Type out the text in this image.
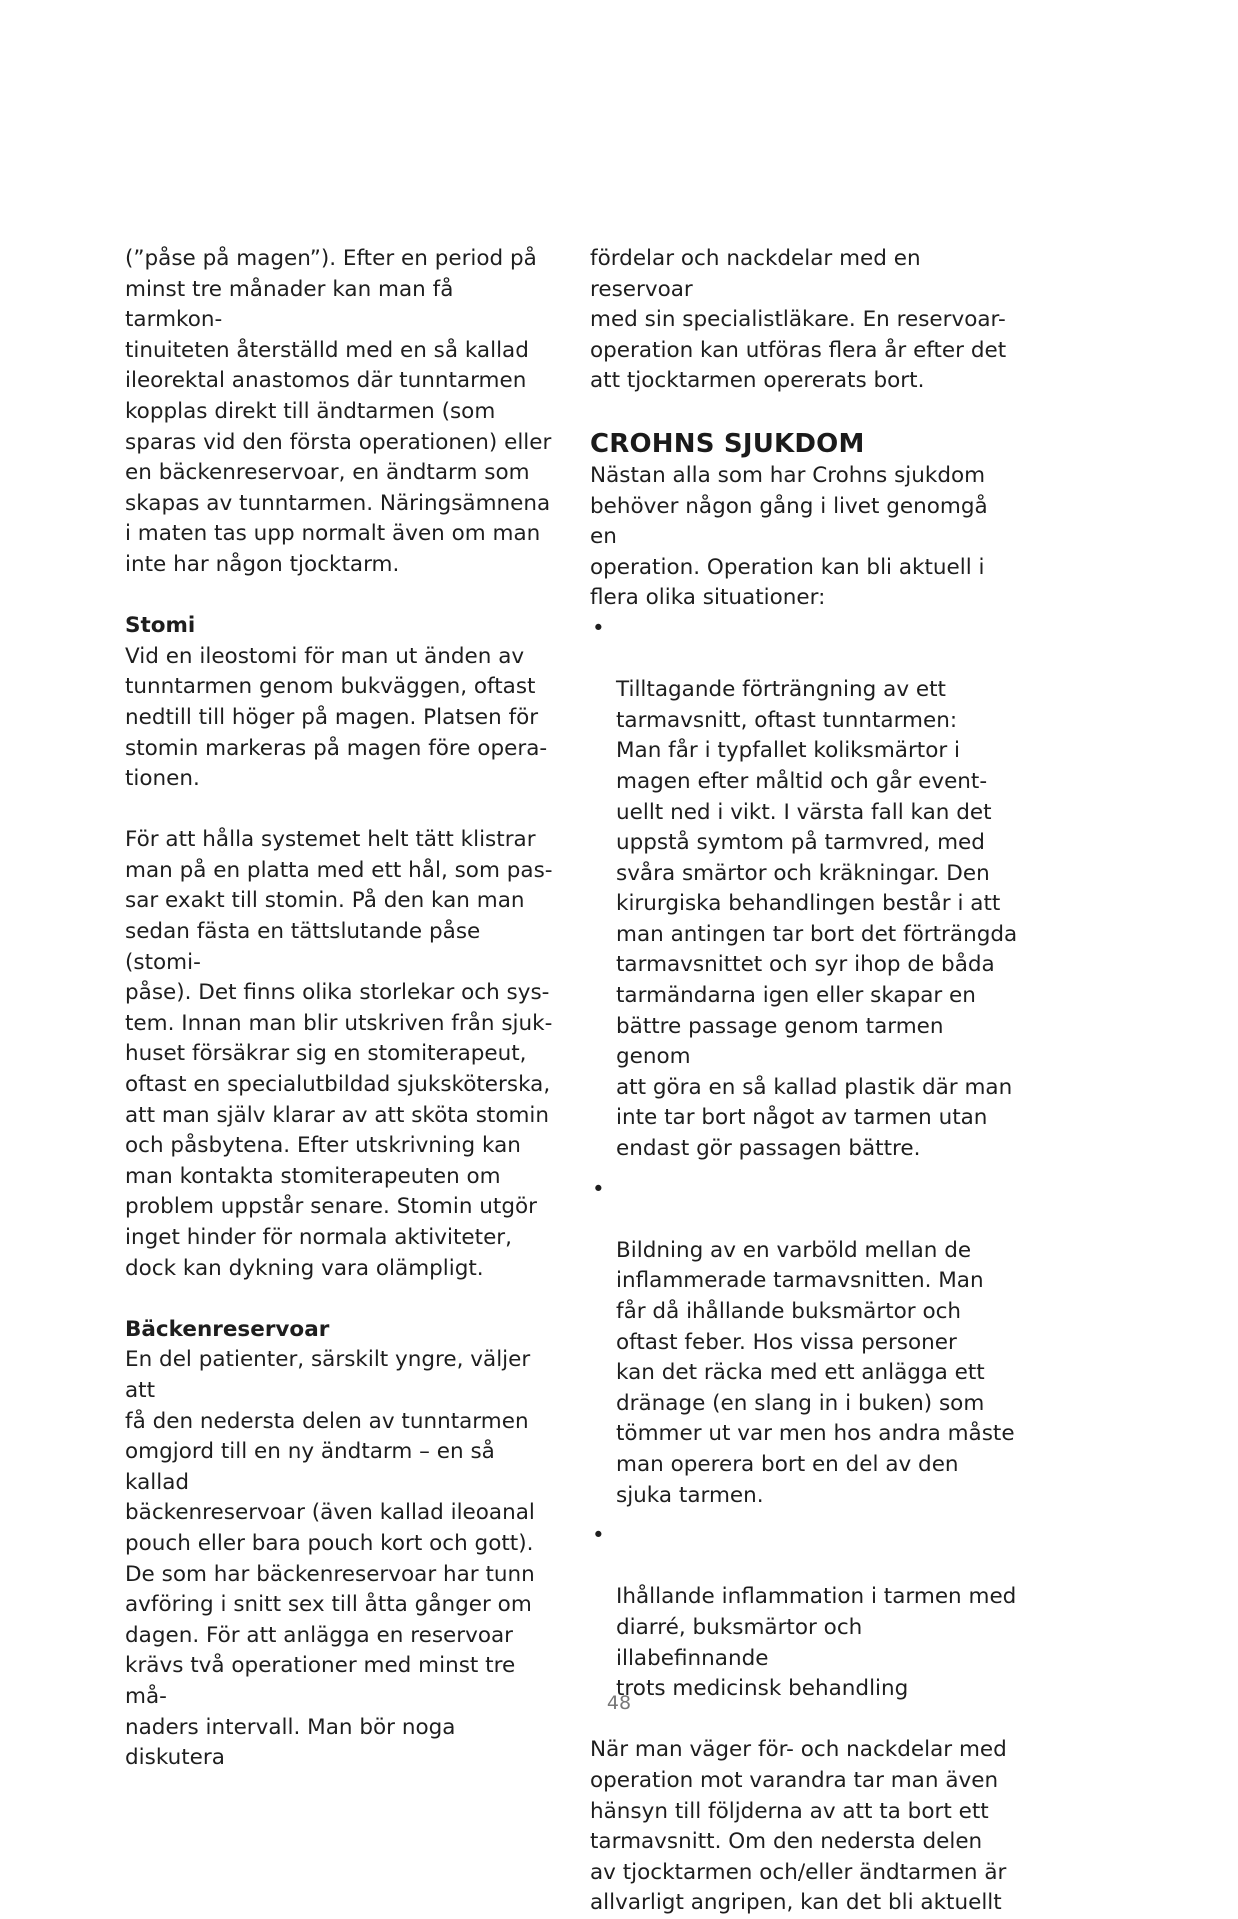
(”påse på magen”). Efter en period på
minst tre månader kan man få tarmkon-
tinuiteten återställd med en så kallad
ileorektal anastomos där tunntarmen
kopplas direkt till ändtarmen (som
sparas vid den första operationen) eller
en bäckenreservoar, en ändtarm som
skapas av tunntarmen. Näringsämnena
i maten tas upp normalt även om man
inte har någon tjocktarm.

Stomi

Vid en ileostomi för man ut änden av
tunntarmen genom bukväggen, oftast
nedtill till höger på magen. Platsen för
stomin markeras på magen före opera-
tionen.

För att hålla systemet helt tätt klistrar
man på en platta med ett hål, som pas-
sar exakt till stomin. På den kan man
sedan fästa en tättslutande påse (stomi-
påse). Det finns olika storlekar och sys-
tem. Innan man blir utskriven från sjuk-
huset försäkrar sig en stomiterapeut,
oftast en specialutbildad sjuksköterska,
att man själv klarar av att sköta stomin
och påsbytena. Efter utskrivning kan
man kontakta stomiterapeuten om
problem uppstår senare. Stomin utgör
inget hinder för normala aktiviteter,
dock kan dykning vara olämpligt.

Bäckenreservoar

En del patienter, särskilt yngre, väljer att
få den nedersta delen av tunntarmen
omgjord till en ny ändtarm – en så kallad
bäckenreservoar (även kallad ileoanal
pouch eller bara pouch kort och gott).
De som har bäckenreservoar har tunn
avföring i snitt sex till åtta gånger om
dagen. För att anlägga en reservoar
krävs två operationer med minst tre må-
naders intervall. Man bör noga diskutera

fördelar och nackdelar med en reservoar
med sin specialistläkare. En reservoar-
operation kan utföras flera år efter det
att tjocktarmen opererats bort.

CROHNS SJUKDOM

Nästan alla som har Crohns sjukdom
behöver någon gång i livet genomgå en
operation. Operation kan bli aktuell i
flera olika situationer:

•

Tilltagande förträngning av ett
tarmavsnitt, oftast tunntarmen:
Man får i typfallet koliksmärtor i
magen efter måltid och går event-
uellt ned i vikt. I värsta fall kan det
uppstå symtom på tarmvred, med
svåra smärtor och kräkningar. Den
kirurgiska behandlingen består i att
man antingen tar bort det förträngda
tarmavsnittet och syr ihop de båda
tarmändarna igen eller skapar en
bättre passage genom tarmen genom
att göra en så kallad plastik där man
inte tar bort något av tarmen utan
endast gör passagen bättre.

•

Bildning av en varböld mellan de
inflammerade tarmavsnitten. Man
får då ihållande buksmärtor och
oftast feber. Hos vissa personer
kan det räcka med ett anlägga ett
dränage (en slang in i buken) som
tömmer ut var men hos andra måste
man operera bort en del av den
sjuka tarmen.

•

Ihållande inflammation i tarmen med
diarré, buksmärtor och illabefinnande
trots medicinsk behandling

När man väger för- och nackdelar med
operation mot varandra tar man även
hänsyn till följderna av att ta bort ett
tarmavsnitt. Om den nedersta delen
av tjocktarmen och/eller ändtarmen är
allvarligt angripen, kan det bli aktuellt

48
